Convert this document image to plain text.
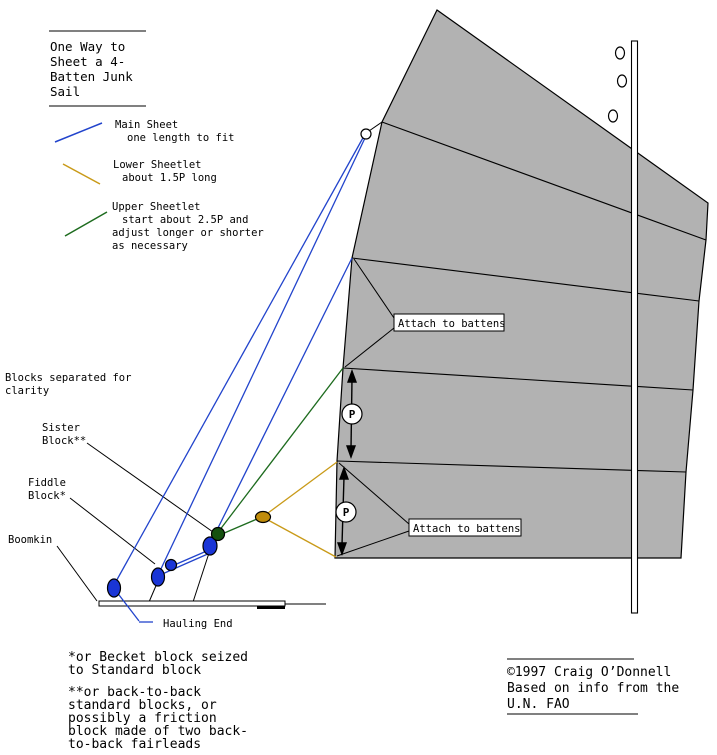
P
P
Attach to battens
Attach to battens
One Way to
Sheet a 4-
Batten Junk
Sail
Main Sheet
one length to fit
Lower Sheetlet
about 1.5P long
Upper Sheetlet
start about 2.5P and
adjust longer or shorter
as necessary
Blocks separated for
clarity
Sister
Block**
Fiddle
Block*
Boomkin
Hauling End
*or Becket block seized
to Standard block
**or back-to-back
standard blocks, or
possibly a friction
block made of two back-
to-back fairleads
©1997 Craig O’Donnell
Based on info from the
U.N. FAO
